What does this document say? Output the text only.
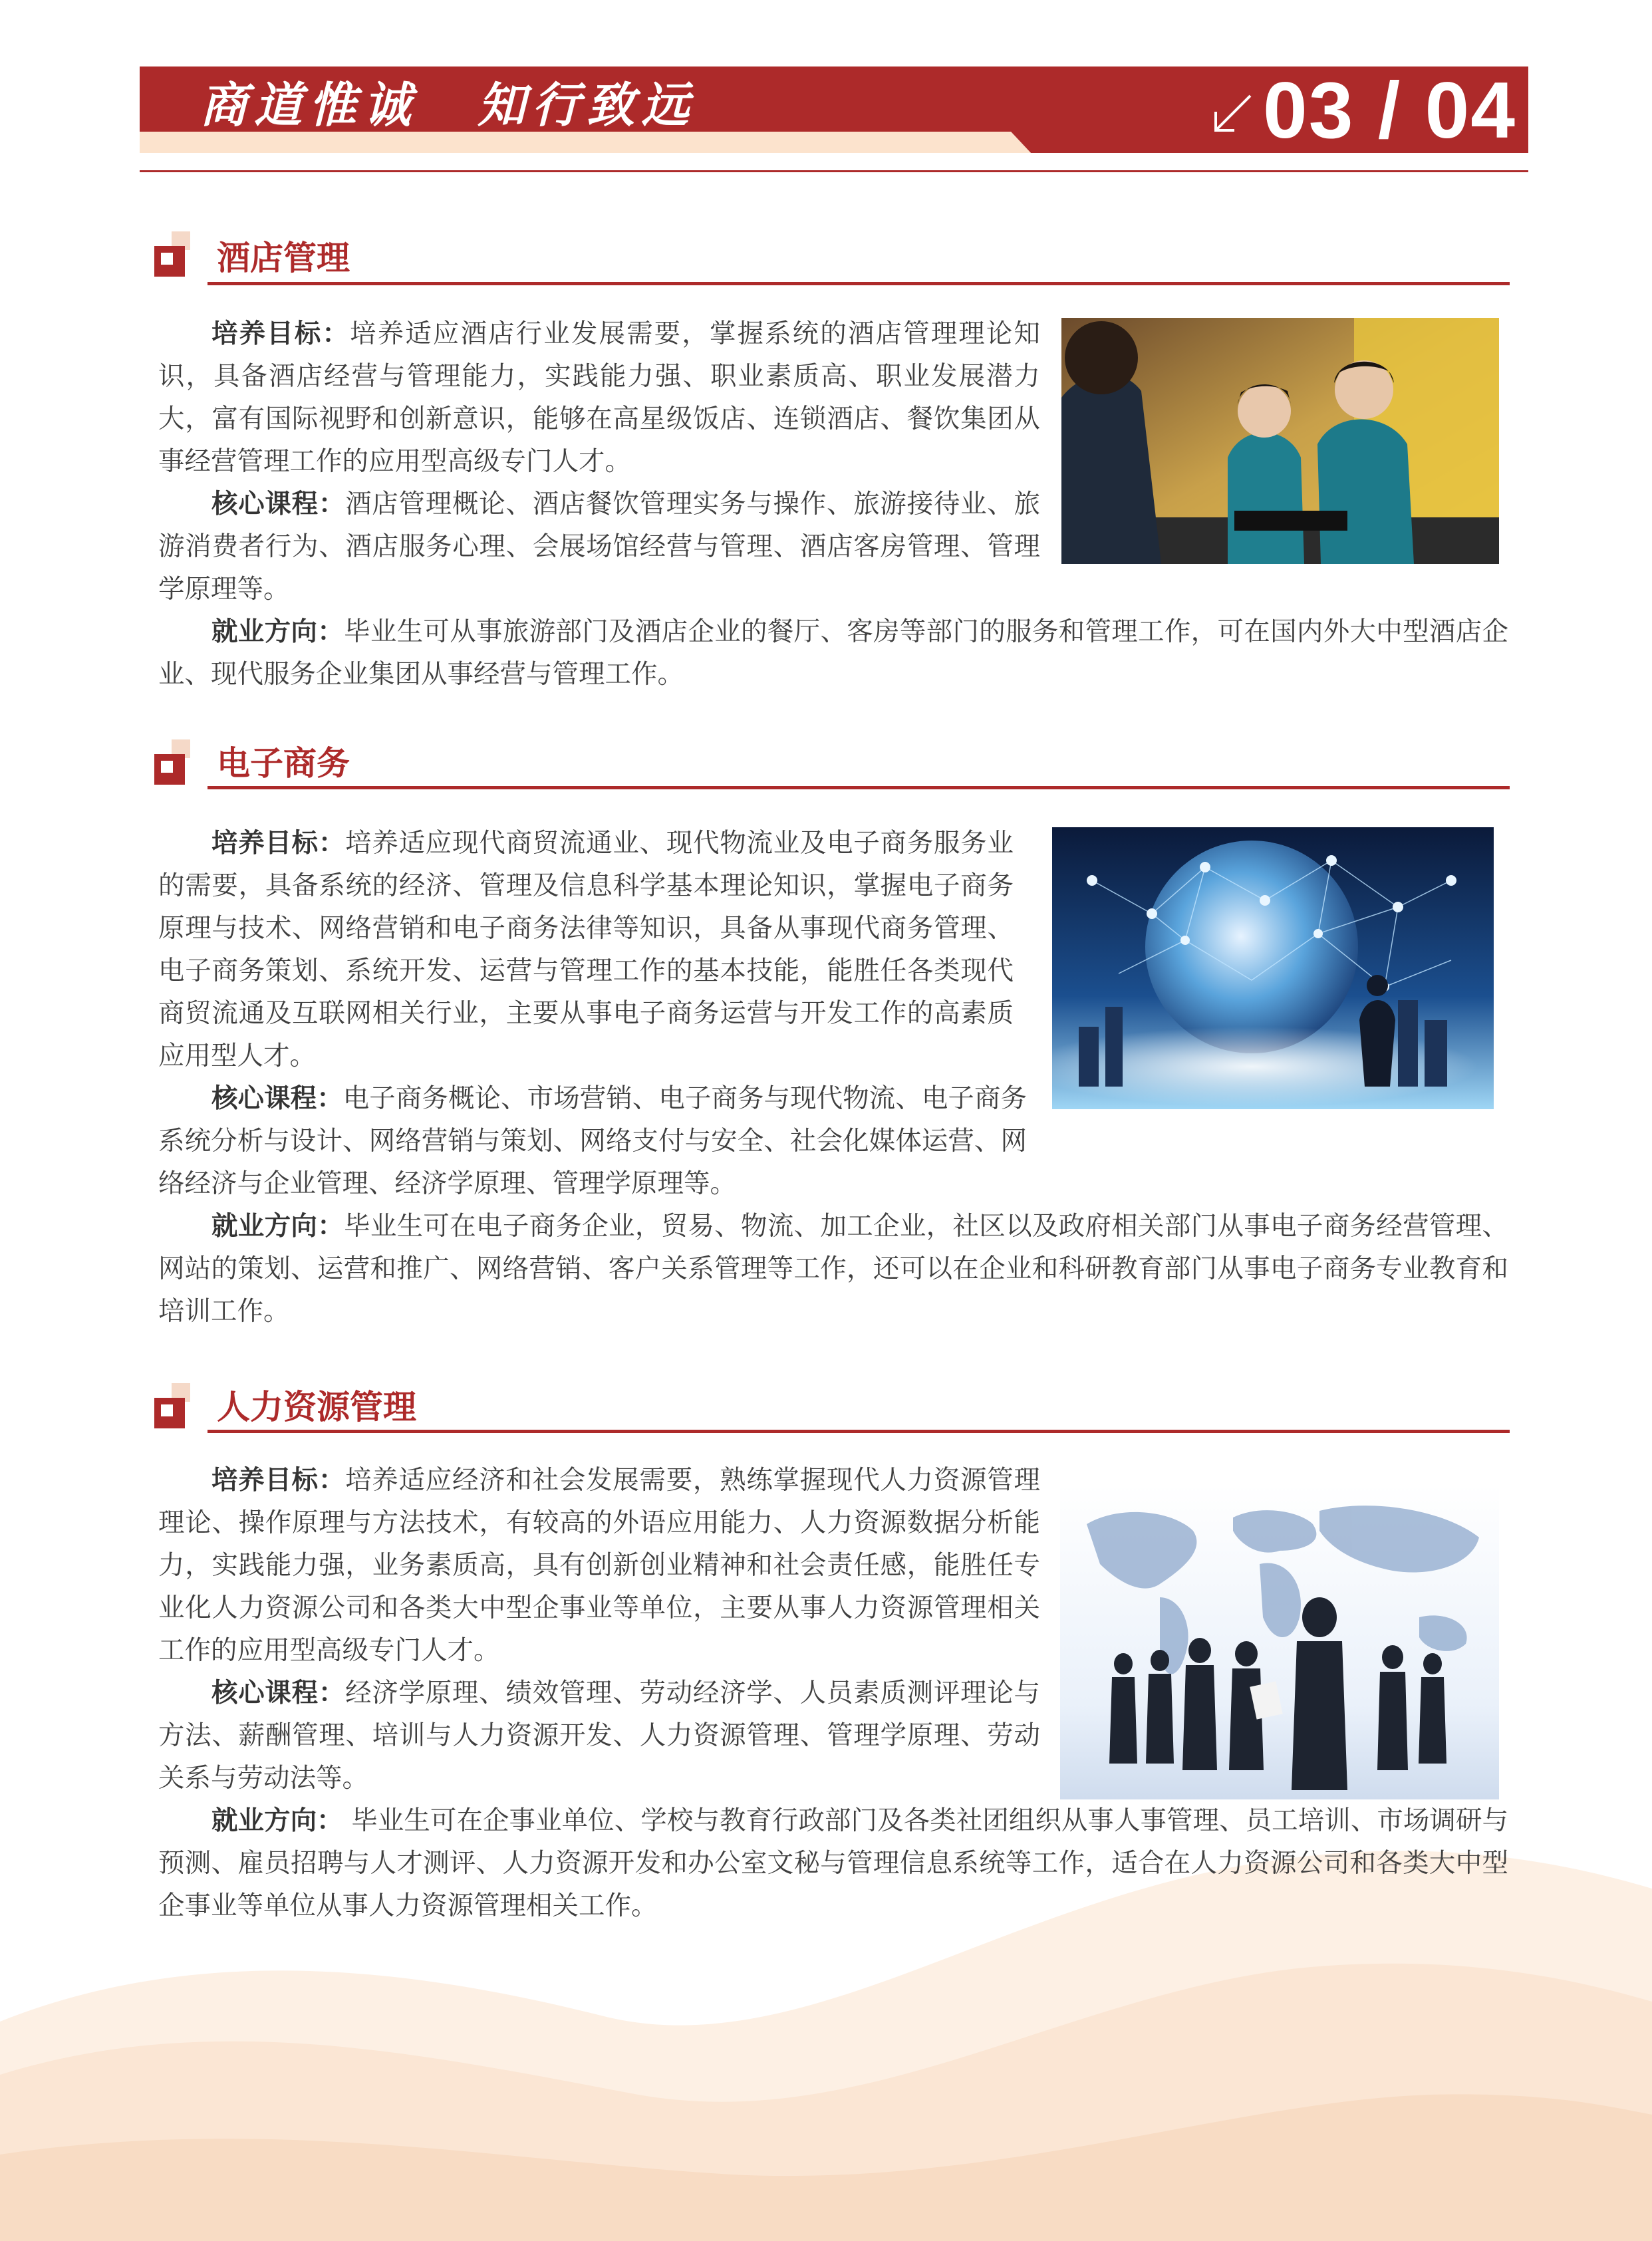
商道惟诚 知行致远	03 / 04
酒店管理

培养目标：培养适应酒店行业发展需要，掌握系统的酒店管理理论知识，具备酒店经营与管理能力，实践能力强、职业素质高、职业发展潜力大，富有国际视野和创新意识，能够在高星级饭店、连锁酒店、餐饮集团从事经营管理工作的应用型高级专门人才。

核心课程：酒店管理概论、酒店餐饮管理实务与操作、旅游接待业、旅游消费者行为、酒店服务心理、会展场馆经营与管理、酒店客房管理、管理学原理等。

就业方向：毕业生可从事旅游部门及酒店企业的餐厅、客房等部门的服务和管理工作，可在国内外大中型酒店企业、现代服务企业集团从事经营与管理工作。

电子商务

培养目标：培养适应现代商贸流通业、现代物流业及电子商务服务业的需要，具备系统的经济、管理及信息科学基本理论知识，掌握电子商务原理与技术、网络营销和电子商务法律等知识，具备从事现代商务管理、电子商务策划、系统开发、运营与管理工作的基本技能，能胜任各类现代商贸流通及互联网相关行业，主要从事电子商务运营与开发工作的高素质应用型人才。

核心课程：电子商务概论、市场营销、电子商务与现代物流、电子商务系统分析与设计、网络营销与策划、网络支付与安全、社会化媒体运营、网络经济与企业管理、经济学原理、管理学原理等。

就业方向：毕业生可在电子商务企业，贸易、物流、加工企业，社区以及政府相关部门从事电子商务经营管理、网站的策划、运营和推广、网络营销、客户关系管理等工作，还可以在企业和科研教育部门从事电子商务专业教育和培训工作。

人力资源管理

培养目标：培养适应经济和社会发展需要，熟练掌握现代人力资源管理理论、操作原理与方法技术，有较高的外语应用能力、人力资源数据分析能力，实践能力强，业务素质高，具有创新创业精神和社会责任感，能胜任专业化人力资源公司和各类大中型企事业等单位，主要从事人力资源管理相关工作的应用型高级专门人才。

核心课程：经济学原理、绩效管理、劳动经济学、人员素质测评理论与方法、薪酬管理、培训与人力资源开发、人力资源管理、管理学原理、劳动关系与劳动法等。

就业方向： 毕业生可在企事业单位、学校与教育行政部门及各类社团组织从事人事管理、员工培训、市场调研与预测、雇员招聘与人才测评、人力资源开发和办公室文秘与管理信息系统等工作，适合在人力资源公司和各类大中型企事业等单位从事人力资源管理相关工作。
